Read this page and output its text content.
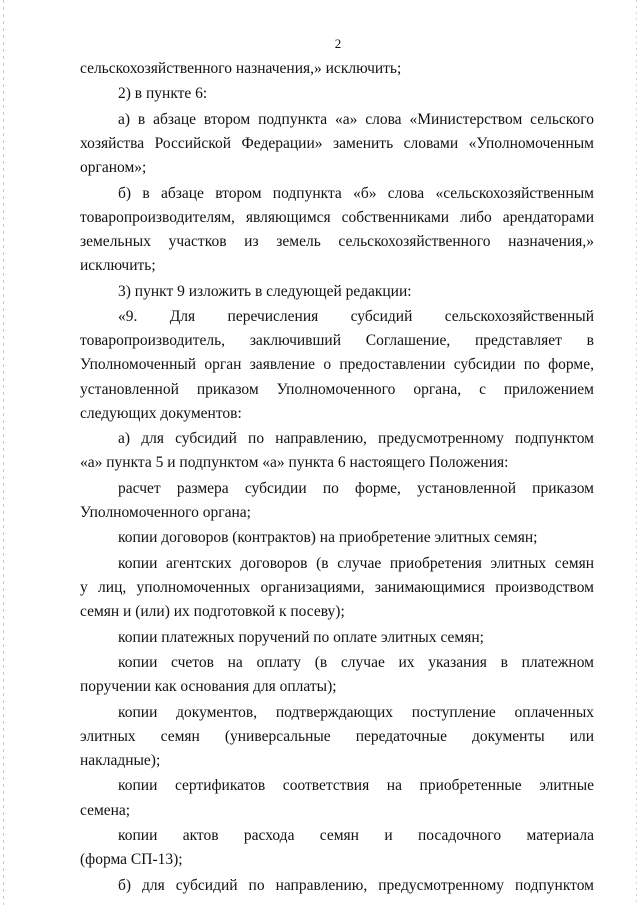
2

сельскохозяйственного назначения,» исключить;

2) в пункте 6:

а) в абзаце втором подпункта «а» слова «Министерством сельского
хозяйства Российской Федерации» заменить словами «Уполномоченным
органом»;

б) в абзаце втором подпункта «б» слова «сельскохозяйственным
товаропроизводителям, являющимся собственниками либо арендаторами
земельных участков из земель сельскохозяйственного назначения,»
исключить;

3) пункт 9 изложить в следующей редакции:

«9. Для перечисления субсидий сельскохозяйственный
товаропроизводитель, заключивший Соглашение, представляет в
Уполномоченный орган заявление о предоставлении субсидии по форме,
установленной приказом Уполномоченного органа, с приложением
следующих документов:

а) для субсидий по направлению, предусмотренному подпунктом
«а» пункта 5 и подпунктом «а» пункта 6 настоящего Положения:

расчет размера субсидии по форме, установленной приказом
Уполномоченного органа;

копии договоров (контрактов) на приобретение элитных семян;

копии агентских договоров (в случае приобретения элитных семян
у лиц, уполномоченных организациями, занимающимися производством
семян и (или) их подготовкой к посеву);

копии платежных поручений по оплате элитных семян;

копии счетов на оплату (в случае их указания в платежном
поручении как основания для оплаты);

копии документов, подтверждающих поступление оплаченных
элитных семян (универсальные передаточные документы или
накладные);

копии сертификатов соответствия на приобретенные элитные
семена;

копии актов расхода семян и посадочного материала
(форма СП-13);

б) для субсидий по направлению, предусмотренному подпунктом
